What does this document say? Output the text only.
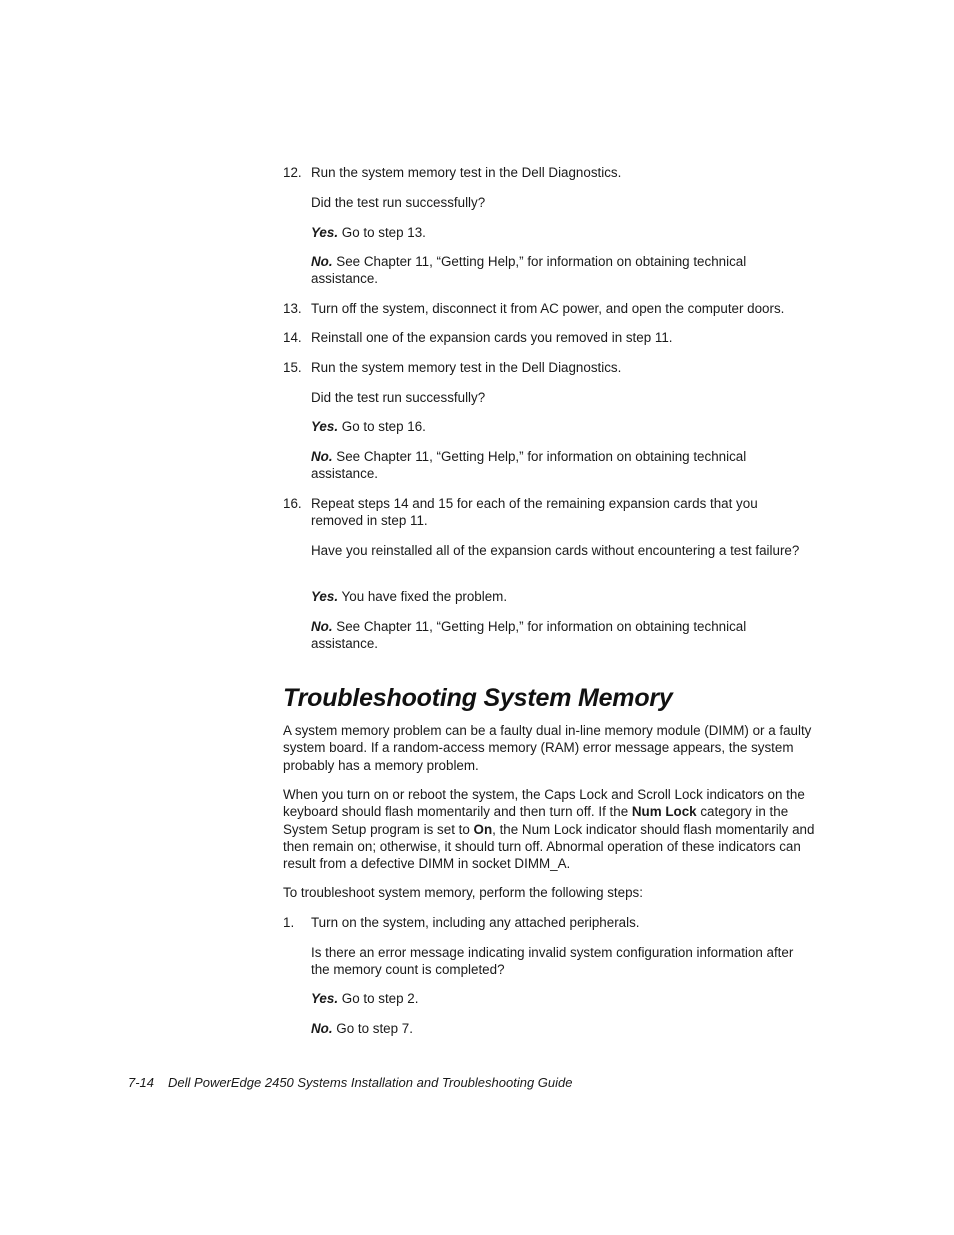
12. Run the system memory test in the Dell Diagnostics.

Did the test run successfully?

Yes. Go to step 13.

No. See Chapter 11, “Getting Help,” for information on obtaining technical assistance.

13. Turn off the system, disconnect it from AC power, and open the computer doors.
14. Reinstall one of the expansion cards you removed in step 11.
15. Run the system memory test in the Dell Diagnostics.

Did the test run successfully?

Yes. Go to step 16.

No. See Chapter 11, “Getting Help,” for information on obtaining technical assistance.

16. Repeat steps 14 and 15 for each of the remaining expansion cards that you removed in step 11.

Have you reinstalled all of the expansion cards without encountering a test failure?

Yes. You have fixed the problem.

No. See Chapter 11, “Getting Help,” for information on obtaining technical assistance.

Troubleshooting System Memory

A system memory problem can be a faulty dual in-line memory module (DIMM) or a faulty system board. If a random-access memory (RAM) error message appears, the system probably has a memory problem.

When you turn on or reboot the system, the Caps Lock and Scroll Lock indicators on the keyboard should flash momentarily and then turn off. If the Num Lock category in the System Setup program is set to On, the Num Lock indicator should flash momentarily and then remain on; otherwise, it should turn off. Abnormal operation of these indicators can result from a defective DIMM in socket DIMM_A.

To troubleshoot system memory, perform the following steps:

1. Turn on the system, including any attached peripherals.

Is there an error message indicating invalid system configuration information after the memory count is completed?

Yes. Go to step 2.

No. Go to step 7.

7-14 Dell PowerEdge 2450 Systems Installation and Troubleshooting Guide
